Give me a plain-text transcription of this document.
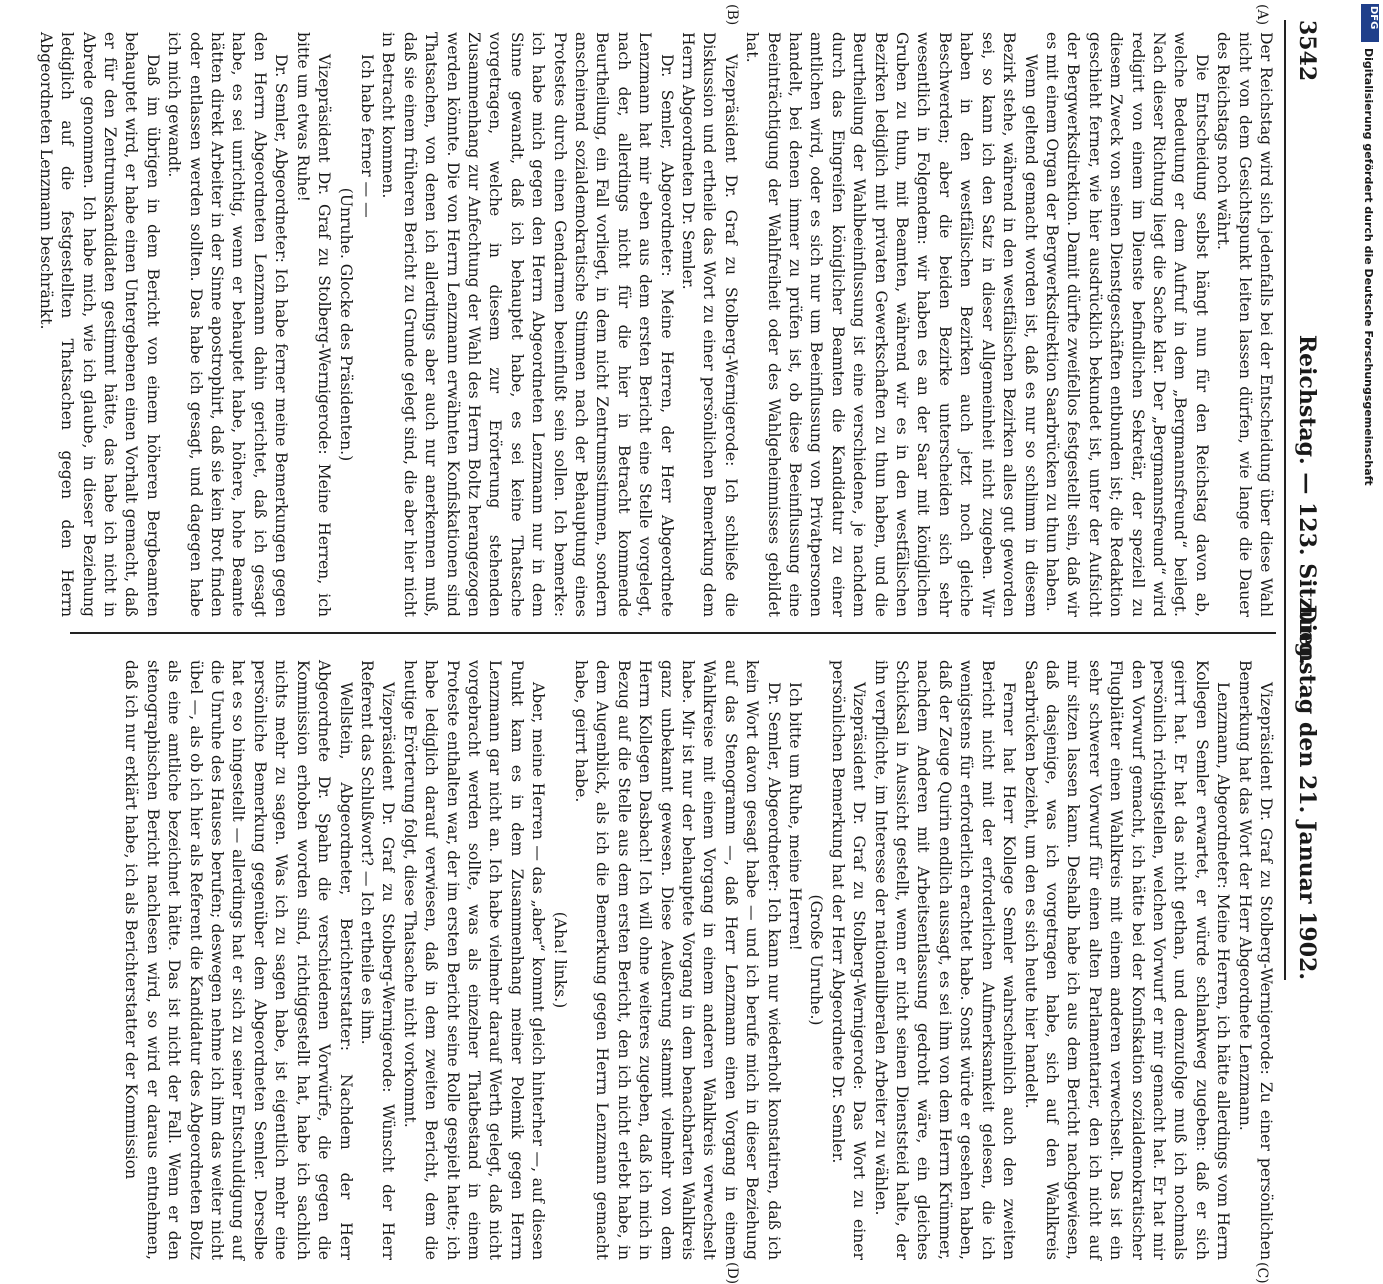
3542
Reichstag. — 123. Sitzung.
Dienstag den 21. Januar 1902.
(A)
(B)
(C)
(D)

Der Reichstag wird sich jedenfalls bei der Entscheidung über diese Wahl nicht von dem Gesichtspunkt leiten lassen dürfen, wie lange die Dauer des Reichstags noch währt.

Die Entscheidung selbst hängt nun für den Reichstag davon ab, welche Bedeutung er dem Aufruf in dem „Bergmannsfreund“ beilegt. Nach dieser Richtung liegt die Sache klar. Der „Bergmannsfreund“ wird redigirt von einem im Dienste befindlichen Sekretär, der speziell zu diesem Zweck von seinen Dienstgeschäften entbunden ist; die Redaktion geschieht ferner, wie hier ausdrücklich bekundet ist, unter der Aufsicht der Bergwerksdirektion. Damit dürfte zweifellos festgestellt sein, daß wir es mit einem Organ der Bergwerksdirektion Saarbrücken zu thun haben.

Wenn geltend gemacht worden ist, daß es nur so schlimm in diesem Bezirk stehe, während in den westfälischen Bezirken alles gut geworden sei, so kann ich den Satz in dieser Allgemeinheit nicht zugeben. Wir haben in den westfälischen Bezirken auch jetzt noch gleiche Beschwerden; aber die beiden Bezirke unterscheiden sich sehr wesentlich in Folgendem: wir haben es an der Saar mit königlichen Gruben zu thun, mit Beamten, während wir es in den westfälischen Bezirken lediglich mit privaten Gewerkschaften zu thun haben, und die Beurtheilung der Wahlbeeinflussung ist eine verschiedene, je nachdem durch das Eingreifen königlicher Beamten die Kandidatur zu einer amtlichen wird, oder es sich nur um Beeinflussung von Privatpersonen handelt, bei denen immer zu prüfen ist, ob diese Beeinflussung eine Beeinträchtigung der Wahlfreiheit oder des Wahlgeheimnisses gebildet hat.

Vizepräsident Dr. Graf zu Stolberg-Wernigerode: Ich schließe die Diskussion und ertheile das Wort zu einer persönlichen Bemerkung dem Herrn Abgeordneten Dr. Semler.

Dr. Semler, Abgeordneter: Meine Herren, der Herr Abgeordnete Lenzmann hat mir eben aus dem ersten Bericht eine Stelle vorgelegt, nach der, allerdings nicht für die hier in Betracht kommende Beurtheilung, ein Fall vorliegt, in dem nicht Zentrumsstimmen, sondern anscheinend sozialdemokratische Stimmen nach der Behauptung eines Protestes durch einen Gendarmen beeinflußt sein sollen. Ich bemerke: ich habe mich gegen den Herrn Abgeordneten Lenzmann nur in dem Sinne gewandt, daß ich behauptet habe, es sei keine Thatsache vorgetragen, welche in diesem zur Erörterung stehenden Zusammenhang zur Anfechtung der Wahl des Herrn Boltz herangezogen werden könnte. Die von Herrn Lenzmann erwähnten Konfiskationen sind Thatsachen, von denen ich allerdings aber auch nur anerkennen muß, daß sie einem früheren Bericht zu Grunde gelegt sind, die aber hier nicht in Betracht kommen.

Ich habe ferner — —

(Unruhe. Glocke des Präsidenten.)

Vizepräsident Dr. Graf zu Stolberg-Wernigerode: Meine Herren, ich bitte um etwas Ruhe!

Dr. Semler, Abgeordneter: Ich habe ferner meine Bemerkungen gegen den Herrn Abgeordneten Lenzmann dahin gerichtet, daß ich gesagt habe, es sei unrichtig, wenn er behauptet habe, höhere, hohe Beamte hätten direkt Arbeiter in der Sinne apostrophirt, daß sie kein Brot finden oder entlassen werden sollten. Das habe ich gesagt, und dagegen habe ich mich gewandt.

Daß im übrigen in dem Bericht von einem höheren Bergbeamten behauptet wird, er habe einen Untergebenen einen Vorhalt gemacht, daß er für den Zentrumskandidaten gestimmt hätte, das habe ich nicht in Abrede genommen. Ich habe mich, wie ich glaube, in dieser Beziehung lediglich auf die festgestellten Thatsachen gegen den Herrn Abgeordneten Lenzmann beschränkt.

Vizepräsident Dr. Graf zu Stolberg-Wernigerode: Zu einer persönlichen Bemerkung hat das Wort der Herr Abgeordnete Lenzmann.

Lenzmann, Abgeordneter: Meine Herren, ich hätte allerdings vom Herrn Kollegen Semler erwartet, er würde schlankweg zugeben: daß er sich geirrt hat. Er hat das nicht gethan, und demzufolge muß ich nochmals persönlich richtigstellen, welchen Vorwurf er mir gemacht hat. Er hat mir den Vorwurf gemacht, ich hätte bei der Konfiskation sozialdemokratischer Flugblätter einen Wahlkreis mit einem anderen verwechselt. Das ist ein sehr schwerer Vorwurf für einen alten Parlamentarier, den ich nicht auf mir sitzen lassen kann. Deshalb habe ich aus dem Bericht nachgewiesen, daß dasjenige, was ich vorgetragen habe, sich auf den Wahlkreis Saarbrücken bezieht, um den es sich heute hier handelt.

Ferner hat Herr Kollege Semler wahrscheinlich auch den zweiten Bericht nicht mit der erforderlichen Aufmerksamkeit gelesen, die ich wenigstens für erforderlich erachtet habe. Sonst würde er gesehen haben, daß der Zeuge Quirin endlich aussagt, es sei ihm von dem Herrn Krümmer, nachdem Anderen mit Arbeitsentlassung gedroht wäre, ein gleiches Schicksal in Aussicht gestellt, wenn er nicht seinen Dienststeid halte, der ihn verpflichte, im Interesse der nationalliberalen Arbeiter zu wählen.

Vizepräsident Dr. Graf zu Stolberg-Wernigerode: Das Wort zu einer persönlichen Bemerkung hat der Herr Abgeordnete Dr. Semler.

(Große Unruhe.)

Ich bitte um Ruhe, meine Herren!

Dr. Semler, Abgeordneter: Ich kann nur wiederholt konstatiren, daß ich kein Wort davon gesagt habe — und ich berufe mich in dieser Beziehung auf das Stenogramm —, daß Herr Lenzmann einen Vorgang in einem Wahlkreise mit einem Vorgang in einem anderen Wahlkreis verwechselt habe. Mir ist nur der behauptete Vorgang in dem benachbarten Wahlkreis ganz unbekannt gewesen. Diese Aeußerung stammt vielmehr von dem Herrn Kollegen Dasbach! Ich will ohne weiteres zugeben, daß ich mich in Bezug auf die Stelle aus dem ersten Bericht, den ich nicht erlebt habe, in dem Augenblick, als ich die Bemerkung gegen Herrn Lenzmann gemacht habe, geirrt habe.

(Aha! links.)

Aber, meine Herren — das „aber“ kommt gleich hinterher —, auf diesen Punkt kam es in dem Zusammenhang meiner Polemik gegen Herrn Lenzmann gar nicht an. Ich habe vielmehr darauf Werth gelegt, daß nicht vorgebracht werden sollte, was als einzelner Thatbestand in einem Proteste enthalten war, der im ersten Bericht seine Rolle gespielt hatte; ich habe lediglich darauf verwiesen, daß in dem zweiten Bericht, dem die heutige Erörterung folgt, diese Thatsache nicht vorkommt.

Vizepräsident Dr. Graf zu Stolberg-Wernigerode: Wünscht der Herr Referent das Schlußwort? — Ich ertheile es ihm.

Wellstein, Abgeordneter, Berichterstatter: Nachdem der Herr Abgeordnete Dr. Spahn die verschiedenen Vorwürfe, die gegen die Kommission erhoben worden sind, richtiggestellt hat, habe ich sachlich nichts mehr zu sagen. Was ich zu sagen habe, ist eigentlich mehr eine persönliche Bemerkung gegenüber dem Abgeordneten Semler. Derselbe hat es so hingestellt — allerdings hat er sich zu seiner Entschuldigung auf die Unruhe des Hauses berufen; deswegen nehme ich ihm das weiter nicht übel —, als ob ich hier als Referent die Kandidatur des Abgeordneten Boltz als eine amtliche bezeichnet hätte. Das ist nicht der Fall. Wenn er den stenographischen Bericht nachlesen wird, so wird er daraus entnehmen, daß ich nur erklärt habe, ich als Berichterstatter der Kommission

DFG
Digitalisierung gefördert durch die Deutsche Forschungsgemeinschaft
